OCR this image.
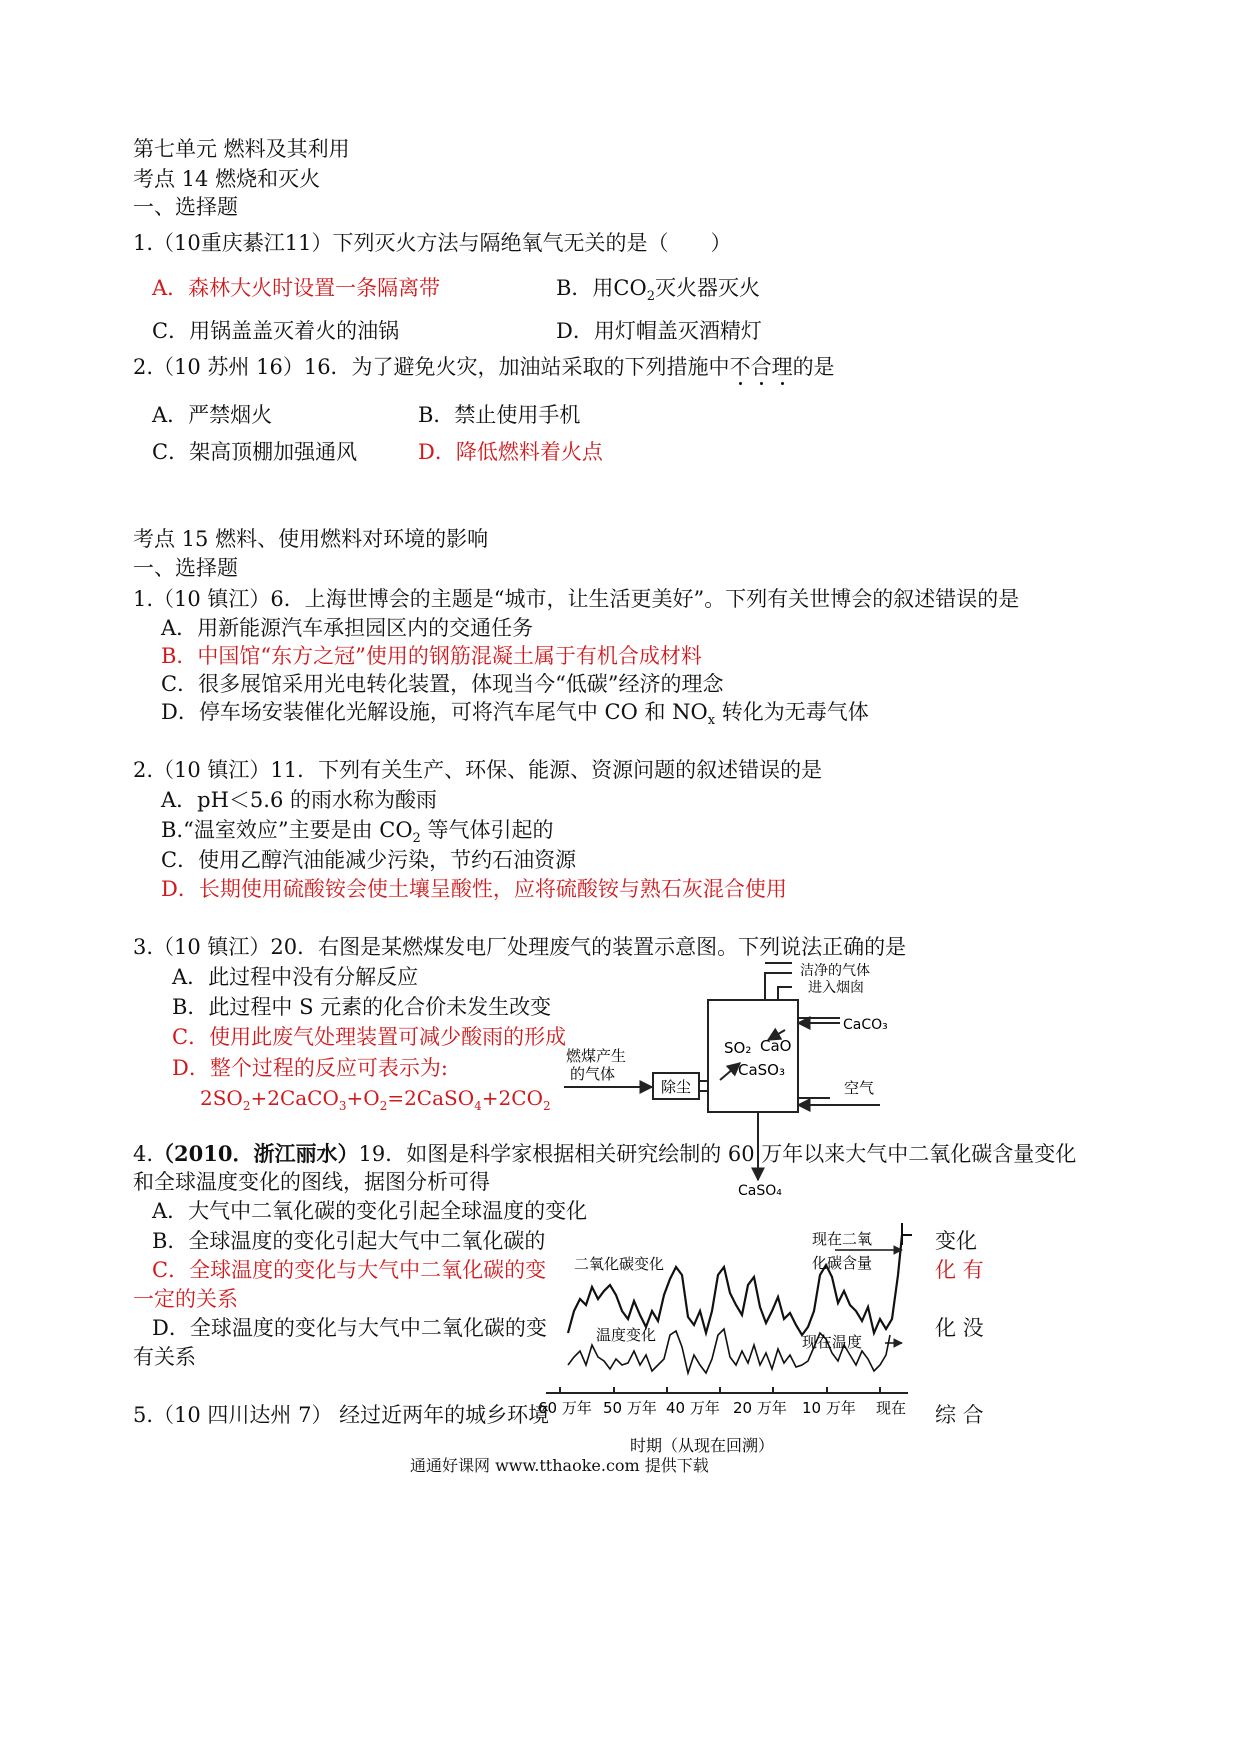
第七单元 燃料及其利用
考点 14 燃烧和灭火
一、选择题
1.（10重庆綦江11）下列灭火方法与隔绝氧气无关的是（　　）
A．森林大火时设置一条隔离带	B．用$CO_2$灭火器灭火
C．用锅盖盖灭着火的油锅	D．用灯帽盖灭酒精灯
2.（10 苏州 16）16．为了避免火灾，加油站采取的下列措施中不合理的是
A．严禁烟火	B．禁止使用手机
C．架高顶棚加强通风	D．降低燃料着火点
考点 15 燃料、使用燃料对环境的影响
一、选择题
1.（10 镇江）6．上海世博会的主题是“城市，让生活更美好”。下列有关世博会的叙述错误的是
A．用新能源汽车承担园区内的交通任务
B．中国馆“东方之冠”使用的钢筋混凝土属于有机合成材料
C．很多展馆采用光电转化装置，体现当今“低碳”经济的理念
D．停车场安装催化光解设施，可将汽车尾气中 CO 和 $NO_x$ 转化为无毒气体
2.（10 镇江）11．下列有关生产、环保、能源、资源问题的叙述错误的是
A．pH＜5.6 的雨水称为酸雨
B.“温室效应”主要是由 $CO_2$ 等气体引起的
C．使用乙醇汽油能减少污染，节约石油资源
D．长期使用硫酸铵会使土壤呈酸性，应将硫酸铵与熟石灰混合使用
3.（10 镇江）20．右图是某燃煤发电厂处理废气的装置示意图。下列说法正确的是
A．此过程中没有分解反应
B．此过程中 S 元素的化合价未发生改变
C．使用此废气处理装置可减少酸雨的形成
D．整个过程的反应可表示为:
$2SO_2+2CaCO_3+O_2=2CaSO_4+2CO_2$
洁净的气体
进入烟囱
CaCO₃
SO₂ CaO
CaSO₃
燃煤产生
的气体
除尘	空气
CaSO₄
4.（2010．浙江丽水）19．如图是科学家根据相关研究绘制的 60 万年以来大气中二氧化碳含量变化
和全球温度变化的图线，据图分析可得
A．大气中二氧化碳的变化引起全球温度的变化
B．全球温度的变化引起大气中二氧化碳的	变化
C．全球温度的变化与大气中二氧化碳的变	化 有
一定的关系
D．全球温度的变化与大气中二氧化碳的变	化 没
有关系
二氧化碳变化
现在二氧
化碳含量
温度变化	现在温度
60 万年 50 万年 40 万年 20 万年 10 万年 现在
时期（从现在回溯）
5.（10 四川达州 7） 经过近两年的城乡环境	综 合
通通好课网 www.tthaoke.com 提供下载
